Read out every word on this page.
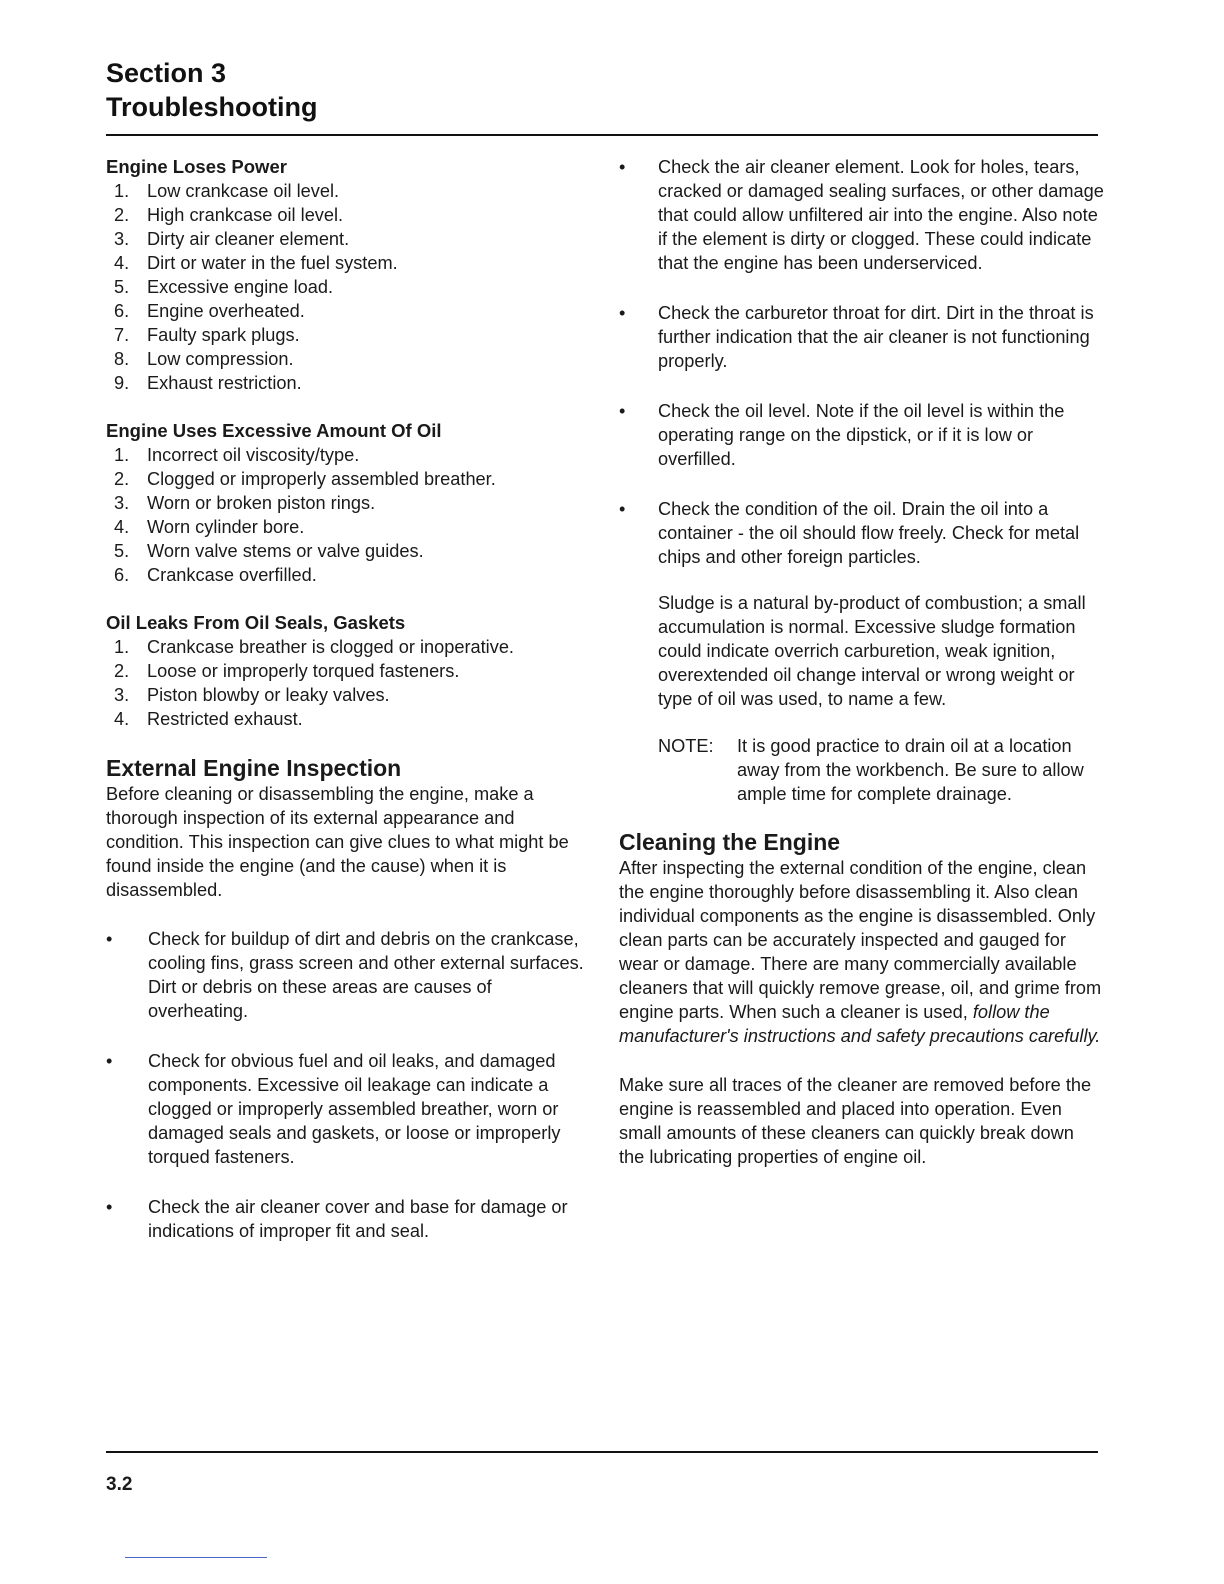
Section 3
Troubleshooting
Engine Loses Power
1. Low crankcase oil level.
2. High crankcase oil level.
3. Dirty air cleaner element.
4. Dirt or water in the fuel system.
5. Excessive engine load.
6. Engine overheated.
7. Faulty spark plugs.
8. Low compression.
9. Exhaust restriction.
Engine Uses Excessive Amount Of Oil
1. Incorrect oil viscosity/type.
2. Clogged or improperly assembled breather.
3. Worn or broken piston rings.
4. Worn cylinder bore.
5. Worn valve stems or valve guides.
6. Crankcase overfilled.
Oil Leaks From Oil Seals, Gaskets
1. Crankcase breather is clogged or inoperative.
2. Loose or improperly torqued fasteners.
3. Piston blowby or leaky valves.
4. Restricted exhaust.
External Engine Inspection

Before cleaning or disassembling the engine, make a thorough inspection of its external appearance and condition. This inspection can give clues to what might be found inside the engine (and the cause) when it is disassembled.

•	Check for buildup of dirt and debris on the crankcase, cooling fins, grass screen and other external surfaces. Dirt or debris on these areas are causes of overheating.
•	Check for obvious fuel and oil leaks, and damaged components. Excessive oil leakage can indicate a clogged or improperly assembled breather, worn or damaged seals and gaskets, or loose or improperly torqued fasteners.
•	Check the air cleaner cover and base for damage or indications of improper fit and seal.
•	Check the air cleaner element. Look for holes, tears, cracked or damaged sealing surfaces, or other damage that could allow unfiltered air into the engine. Also note if the element is dirty or clogged. These could indicate that the engine has been underserviced.
•	Check the carburetor throat for dirt. Dirt in the throat is further indication that the air cleaner is not functioning properly.
•	Check the oil level. Note if the oil level is within the operating range on the dipstick, or if it is low or overfilled.
•	Check the condition of the oil. Drain the oil into a container - the oil should flow freely. Check for metal chips and other foreign particles.

Sludge is a natural by-product of combustion; a small accumulation is normal. Excessive sludge formation could indicate overrich carburetion, weak ignition, overextended oil change interval or wrong weight or type of oil was used, to name a few.

NOTE: It is good practice to drain oil at a location away from the workbench. Be sure to allow ample time for complete drainage.
Cleaning the Engine

After inspecting the external condition of the engine, clean the engine thoroughly before disassembling it. Also clean individual components as the engine is disassembled. Only clean parts can be accurately inspected and gauged for wear or damage. There are many commercially available cleaners that will quickly remove grease, oil, and grime from engine parts. When such a cleaner is used, follow the manufacturer's instructions and safety precautions carefully.

Make sure all traces of the cleaner are removed before the engine is reassembled and placed into operation. Even small amounts of these cleaners can quickly break down the lubricating properties of engine oil.

3.2
